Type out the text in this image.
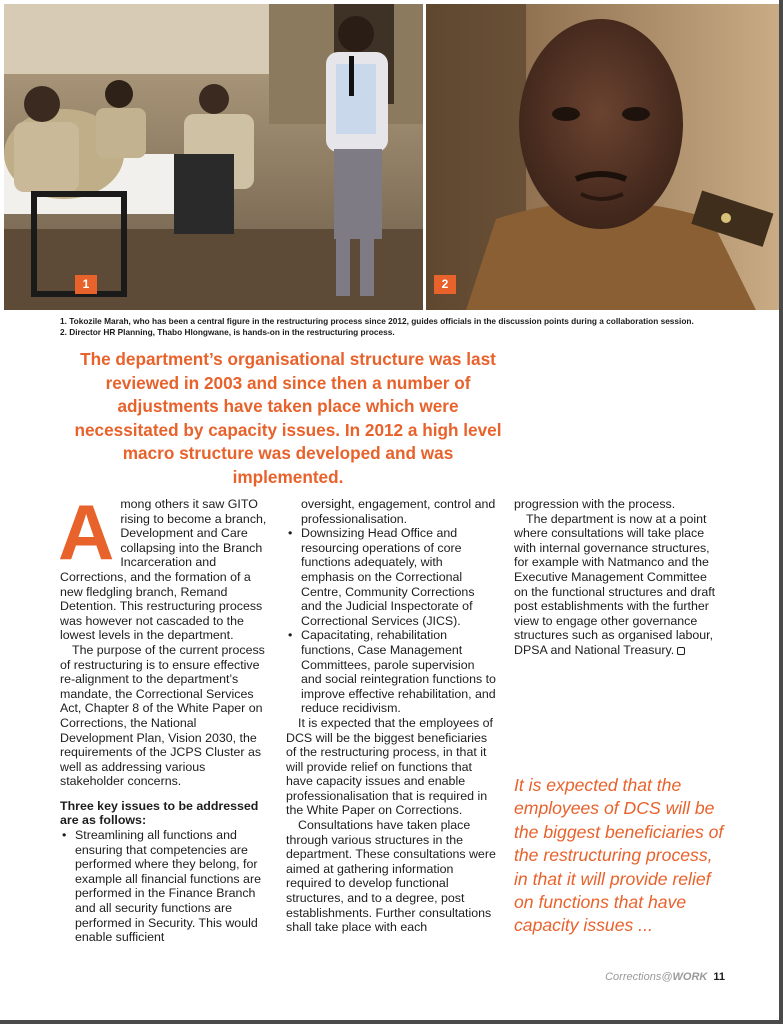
1	2
1. Tokozile Marah, who has been a central figure in the restructuring process since 2012, guides officials in the discussion points during a collaboration session.
2. Director HR Planning, Thabo Hlongwane, is hands-on in the restructuring process.
The department’s organisational structure was last reviewed in 2003 and since then a number of adjustments have taken place which were necessitated by capacity issues. In 2012 a high level macro structure was developed and was implemented.

Among others it saw GITO rising to become a branch, Development and Care collapsing into the Branch Incarceration and Corrections, and the formation of a new fledgling branch, Remand Detention. This restructuring process was however not cascaded to the lowest levels in the department.

The purpose of the current process of restructuring is to ensure effective re-alignment to the department’s mandate, the Correctional Services Act, Chapter 8 of the White Paper on Corrections, the National Development Plan, Vision 2030, the requirements of the JCPS Cluster as well as addressing various stakeholder concerns.

Three key issues to be addressed are as follows:

• Streamlining all functions and ensuring that competencies are performed where they belong, for example all financial functions are performed in the Finance Branch and all security functions are performed in Security. This would enable sufficient

oversight, engagement, control and professionalisation.

• Downsizing Head Office and resourcing operations of core functions adequately, with emphasis on the Correctional Centre, Community Corrections and the Judicial Inspectorate of Correctional Services (JICS).

• Capacitating, rehabilitation functions, Case Management Committees, parole supervision and social reintegration functions to improve effective rehabilitation, and reduce recidivism.

It is expected that the employees of DCS will be the biggest beneficiaries of the restructuring process, in that it will provide relief on functions that have capacity issues and enable professionalisation that is required in the White Paper on Corrections.

Consultations have taken place through various structures in the department. These consultations were aimed at gathering information required to develop functional structures, and to a degree, post establishments. Further consultations shall take place with each

progression with the process.

The department is now at a point where consultations will take place with internal governance structures, for example with Natmanco and the Executive Management Committee on the functional structures and draft post establishments with the further view to engage other governance structures such as organised labour, DPSA and National Treasury.

It is expected that the employees of DCS will be the biggest beneficiaries of the restructuring process, in that it will provide relief on functions that have capacity issues ...
Corrections@WORK 11
